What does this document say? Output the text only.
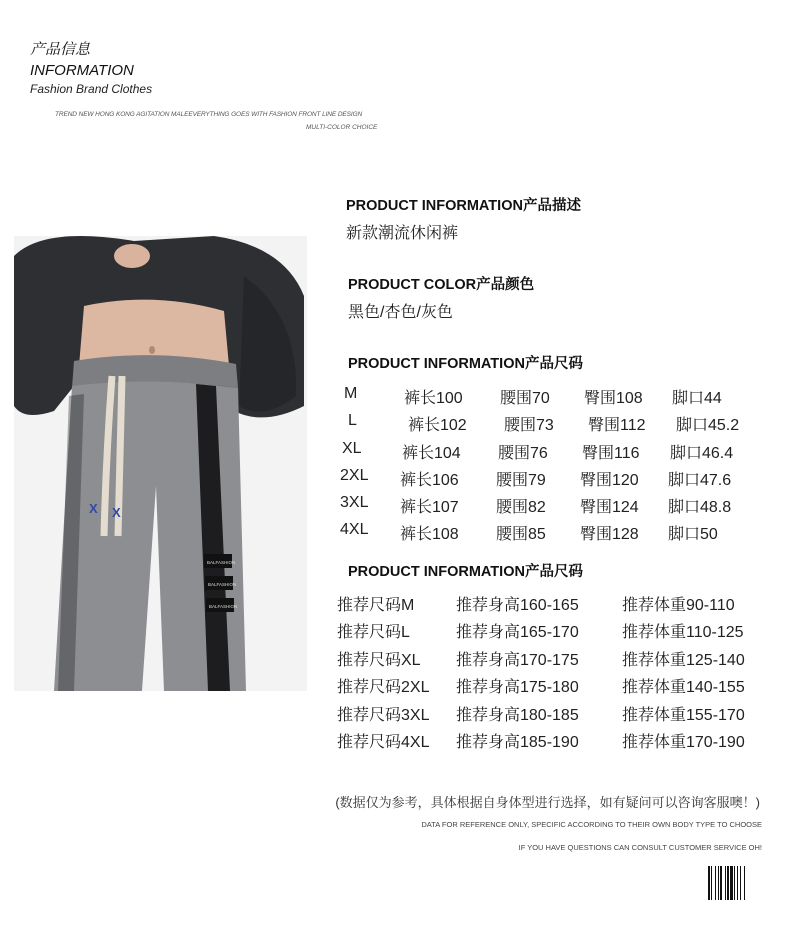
产品信息
INFORMATION
Fashion Brand Clothes
TREND NEW HONG KONG AGITATION MALEEVERYTHING GOES WITH FASHION FRONT LINE DESIGN
MULTI-COLOR CHOICE
X X
BALFASHION
BALFASHION
BALFASHION
PRODUCT INFORMATION产品描述
新款潮流休闲裤
PRODUCT COLOR产品颜色
黑色/杏色/灰色
PRODUCT INFORMATION产品尺码
M	裤长100	腰围70	臀围108	脚口44
L	裤长102	腰围73	臀围112	脚口45.2
XL	裤长104	腰围76	臀围116	脚口46.4
2XL	裤长106	腰围79	臀围120	脚口47.6
3XL	裤长107	腰围82	臀围124	脚口48.8
4XL	裤长108	腰围85	臀围128	脚口50
PRODUCT INFORMATION产品尺码
推荐尺码M	推荐身高160-165	推荐体重90-110
推荐尺码L	推荐身高165-170	推荐体重110-125
推荐尺码XL	推荐身高170-175	推荐体重125-140
推荐尺码2XL	推荐身高175-180	推荐体重140-155
推荐尺码3XL	推荐身高180-185	推荐体重155-170
推荐尺码4XL	推荐身高185-190	推荐体重170-190
(数据仅为参考，具体根据自身体型进行选择，如有疑问可以咨询客服噢！)
DATA FOR REFERENCE ONLY, SPECIFIC ACCORDING TO THEIR OWN BODY TYPE TO CHOOSE
IF YOU HAVE QUESTIONS CAN CONSULT CUSTOMER SERVICE OH!
